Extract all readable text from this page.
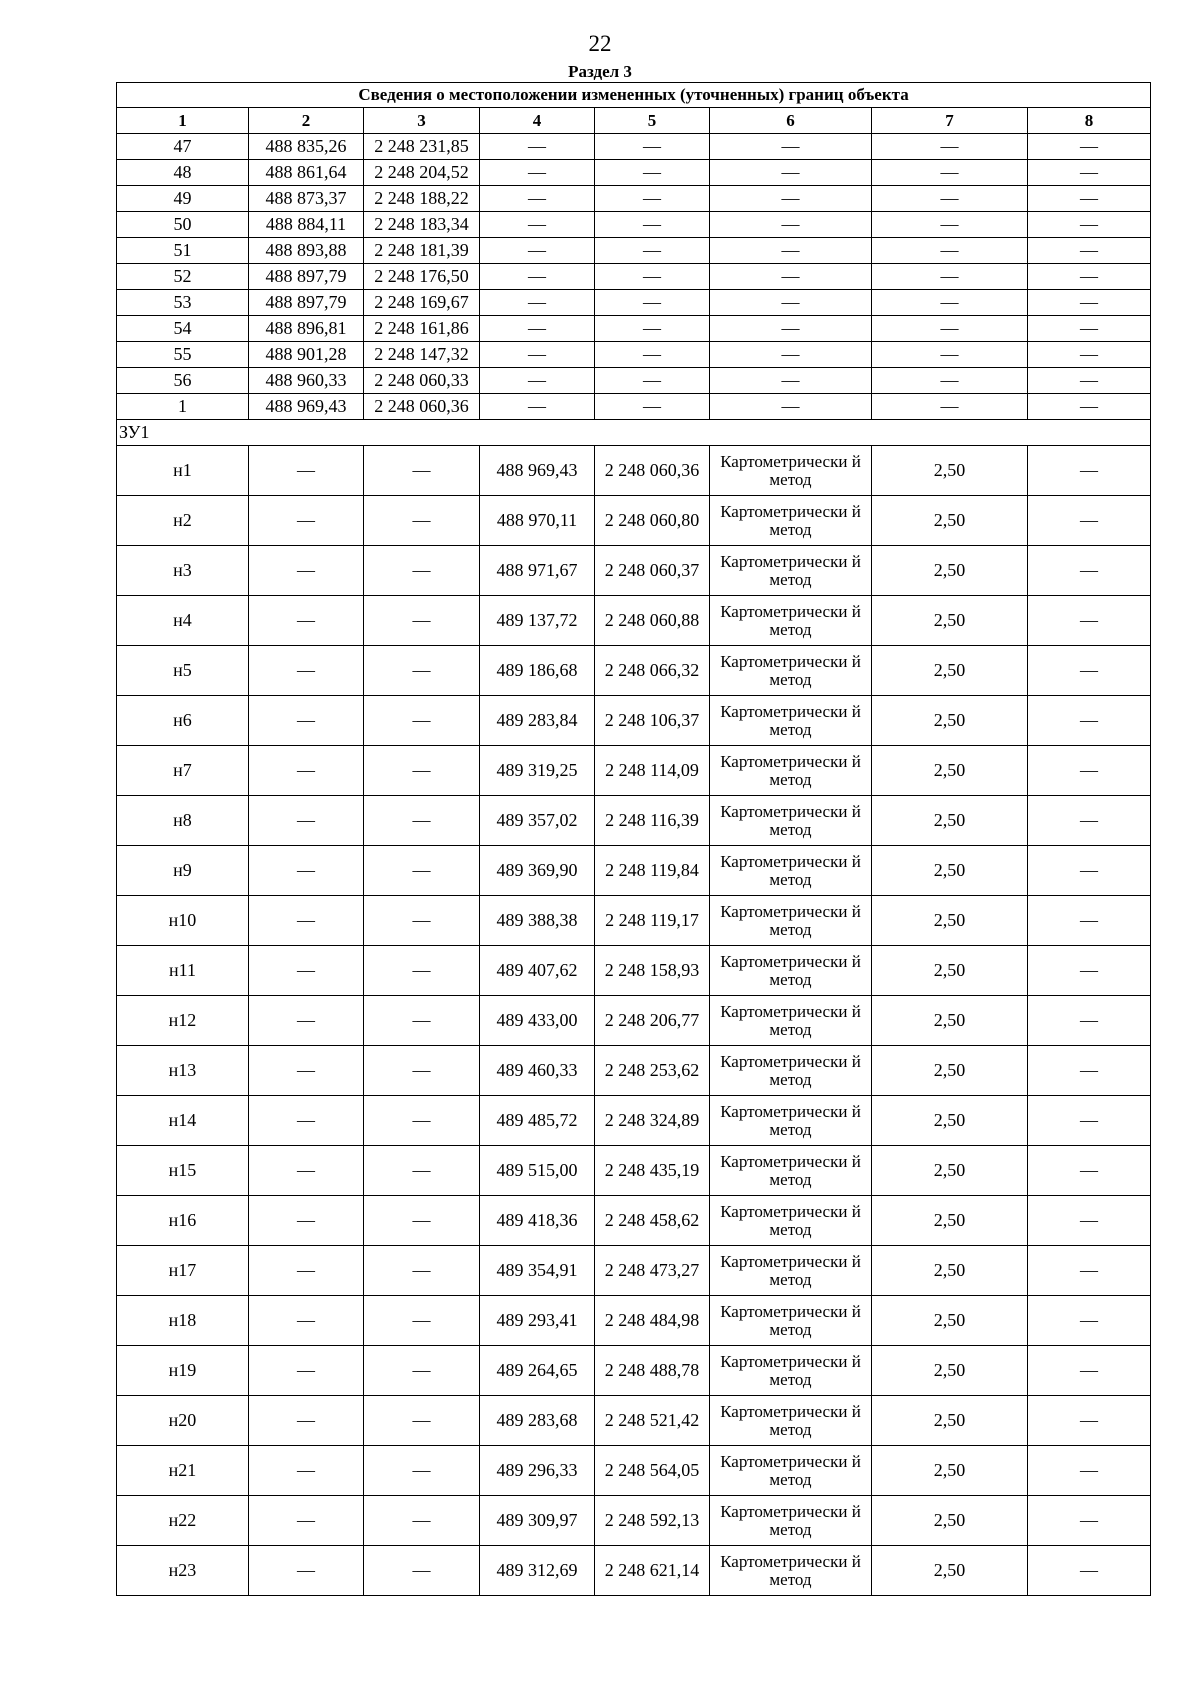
22
Раздел 3
Сведения о местоположении измененных (уточненных) границ объекта							
1	2	3	4	5	6	7	8
47	488 835,26	2 248 231,85	—	—	—	—	—
48	488 861,64	2 248 204,52	—	—	—	—	—
49	488 873,37	2 248 188,22	—	—	—	—	—
50	488 884,11	2 248 183,34	—	—	—	—	—
51	488 893,88	2 248 181,39	—	—	—	—	—
52	488 897,79	2 248 176,50	—	—	—	—	—
53	488 897,79	2 248 169,67	—	—	—	—	—
54	488 896,81	2 248 161,86	—	—	—	—	—
55	488 901,28	2 248 147,32	—	—	—	—	—
56	488 960,33	2 248 060,33	—	—	—	—	—
1	488 969,43	2 248 060,36	—	—	—	—	—
ЗУ1							
н1	—	—	488 969,43	2 248 060,36	Картометрически й метод	2,50	—
н2	—	—	488 970,11	2 248 060,80	Картометрически й метод	2,50	—
н3	—	—	488 971,67	2 248 060,37	Картометрически й метод	2,50	—
н4	—	—	489 137,72	2 248 060,88	Картометрически й метод	2,50	—
н5	—	—	489 186,68	2 248 066,32	Картометрически й метод	2,50	—
н6	—	—	489 283,84	2 248 106,37	Картометрически й метод	2,50	—
н7	—	—	489 319,25	2 248 114,09	Картометрически й метод	2,50	—
н8	—	—	489 357,02	2 248 116,39	Картометрически й метод	2,50	—
н9	—	—	489 369,90	2 248 119,84	Картометрически й метод	2,50	—
н10	—	—	489 388,38	2 248 119,17	Картометрически й метод	2,50	—
н11	—	—	489 407,62	2 248 158,93	Картометрически й метод	2,50	—
н12	—	—	489 433,00	2 248 206,77	Картометрически й метод	2,50	—
н13	—	—	489 460,33	2 248 253,62	Картометрически й метод	2,50	—
н14	—	—	489 485,72	2 248 324,89	Картометрически й метод	2,50	—
н15	—	—	489 515,00	2 248 435,19	Картометрически й метод	2,50	—
н16	—	—	489 418,36	2 248 458,62	Картометрически й метод	2,50	—
н17	—	—	489 354,91	2 248 473,27	Картометрически й метод	2,50	—
н18	—	—	489 293,41	2 248 484,98	Картометрически й метод	2,50	—
н19	—	—	489 264,65	2 248 488,78	Картометрически й метод	2,50	—
н20	—	—	489 283,68	2 248 521,42	Картометрически й метод	2,50	—
н21	—	—	489 296,33	2 248 564,05	Картометрически й метод	2,50	—
н22	—	—	489 309,97	2 248 592,13	Картометрически й метод	2,50	—
н23	—	—	489 312,69	2 248 621,14	Картометрически й метод	2,50	—
